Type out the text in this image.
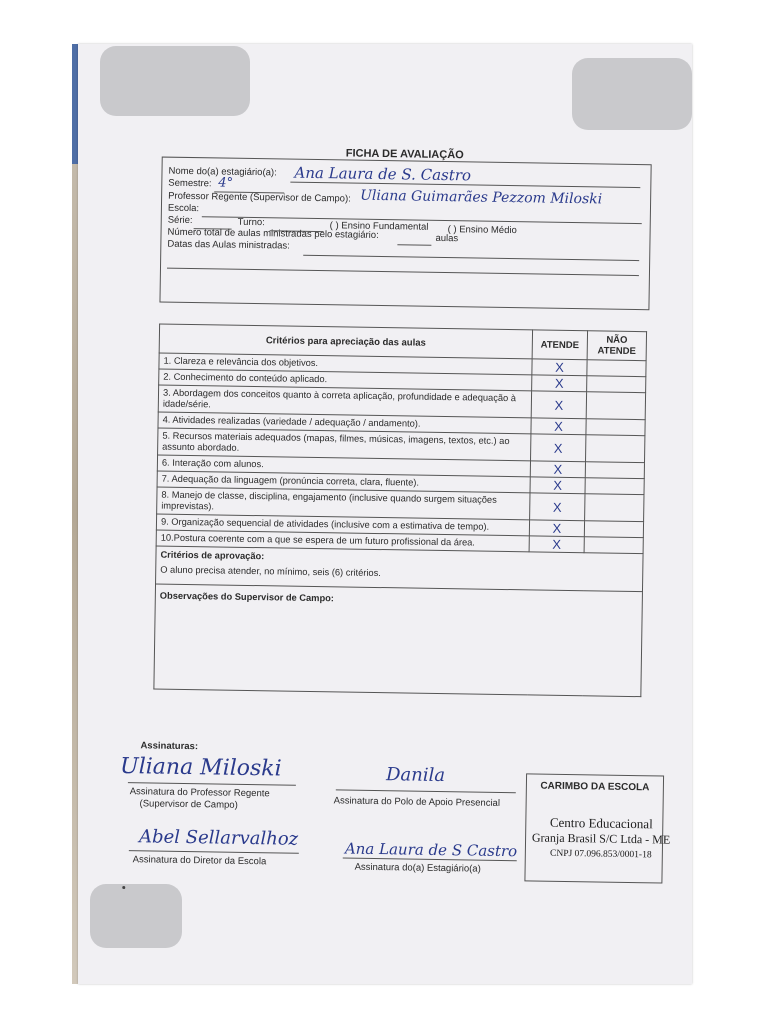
FICHA DE AVALIAÇÃO
Nome do(a) estagiário(a): Ana Laura de S. Castro
Semestre: 4°
Professor Regente (Supervisor de Campo): Uliana Guimarães Pezzom Miloski
Escola:
Série:	Turno:	( ) Ensino Fundamental ( ) Ensino Médio
Número total de aulas ministradas pelo estagiário:	aulas
Datas das Aulas ministradas:
Critérios para apreciação das aulas	ATENDE	NÃO ATENDE
1. Clareza e relevância dos objetivos.	X	
2. Conhecimento do conteúdo aplicado.	X	
3. Abordagem dos conceitos quanto à correta aplicação, profundidade e adequação à idade/série.	X	
4. Atividades realizadas (variedade / adequação / andamento).	X	
5. Recursos materiais adequados (mapas, filmes, músicas, imagens, textos, etc.) ao assunto abordado.	X	
6. Interação com alunos.	X	
7. Adequação da linguagem (pronúncia correta, clara, fluente).	X	
8. Manejo de classe, disciplina, engajamento (inclusive quando surgem situações imprevistas).	X	
9. Organização sequencial de atividades (inclusive com a estimativa de tempo).	X	
10.Postura coerente com a que se espera de um futuro profissional da área.	X	

Critérios de aprovação:
O aluno precisa atender, no mínimo, seis (6) critérios.		

Observações do Supervisor de Campo:		
Assinaturas:
Uliana Miloski
Assinatura do Professor Regente
(Supervisor de Campo)
Danila
Assinatura do Polo de Apoio Presencial
Abel Sellarvalhoz
Assinatura do Diretor da Escola
Ana Laura de S Castro
Assinatura do(a) Estagiário(a)
CARIMBO DA ESCOLA
Centro Educacional
Granja Brasil S/C Ltda - ME
CNPJ 07.096.853/0001-18
